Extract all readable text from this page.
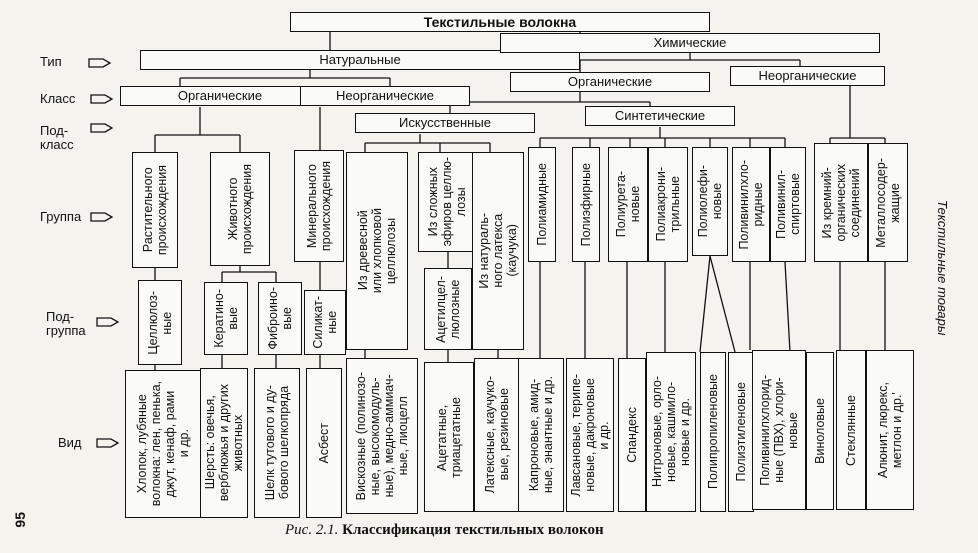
Тип
Класс
Под-
класс
Группа
Под-
группа
Вид
Текстильные волокна
Натуральные
Химические
Органические	Неорганические
Органические	Неорганические
Искусственные	Синтетические
Растительного
происхождения	Животного
происхождения	Минерального
происхождения
Из древесной
или хлопковой
целлюлозы Из сложных
эфиров целлю-
лозы
Из натураль-
ного латекса
(каучука)
Полиамидные Полиэфирные Полиурета-
новые Полиакрони-
трильные Полиолефи-
новые Поливинилхло-
ридные Поливинил-
спиртовые Из кремний-
органических
соединений Металлосодер-
жащие
Целлюлоз-
ные	Кератино-
вые Фиброино-
вые Силикат-
ные	Ацетилцел-
люлозные
Хлопок, лубяные
волокна: лен, пенька,
джут, кенаф, рами
и др.
Шерсть: овечья,
верблюжья и других
животных
Шелк тутового и ду-
бового шелкопряда Асбест Вискозные (полинозо-
ные, высокомодуль-
ные), медно-аммиач-
ные, лиоцелл Ацетатные,
триацетатные Латексные, каучуко-
вые, резиновые Капроновые, амид-
ные, энантные и др.
Лавсановые, терипе-
новые, дакроновые
и др. Спандекс Нитроновые, орло-
новые, кашмило-
новые и др. Полипропиленовые Полиэтиленовые Поливинилхлорид-
ные (ПВХ), хлори-
новые Виноловые Стеклянные Алюнит, люрекс,
метлон и др.'
Текстильные товары
95
Рис. 2.1. Классификация текстильных волокон
